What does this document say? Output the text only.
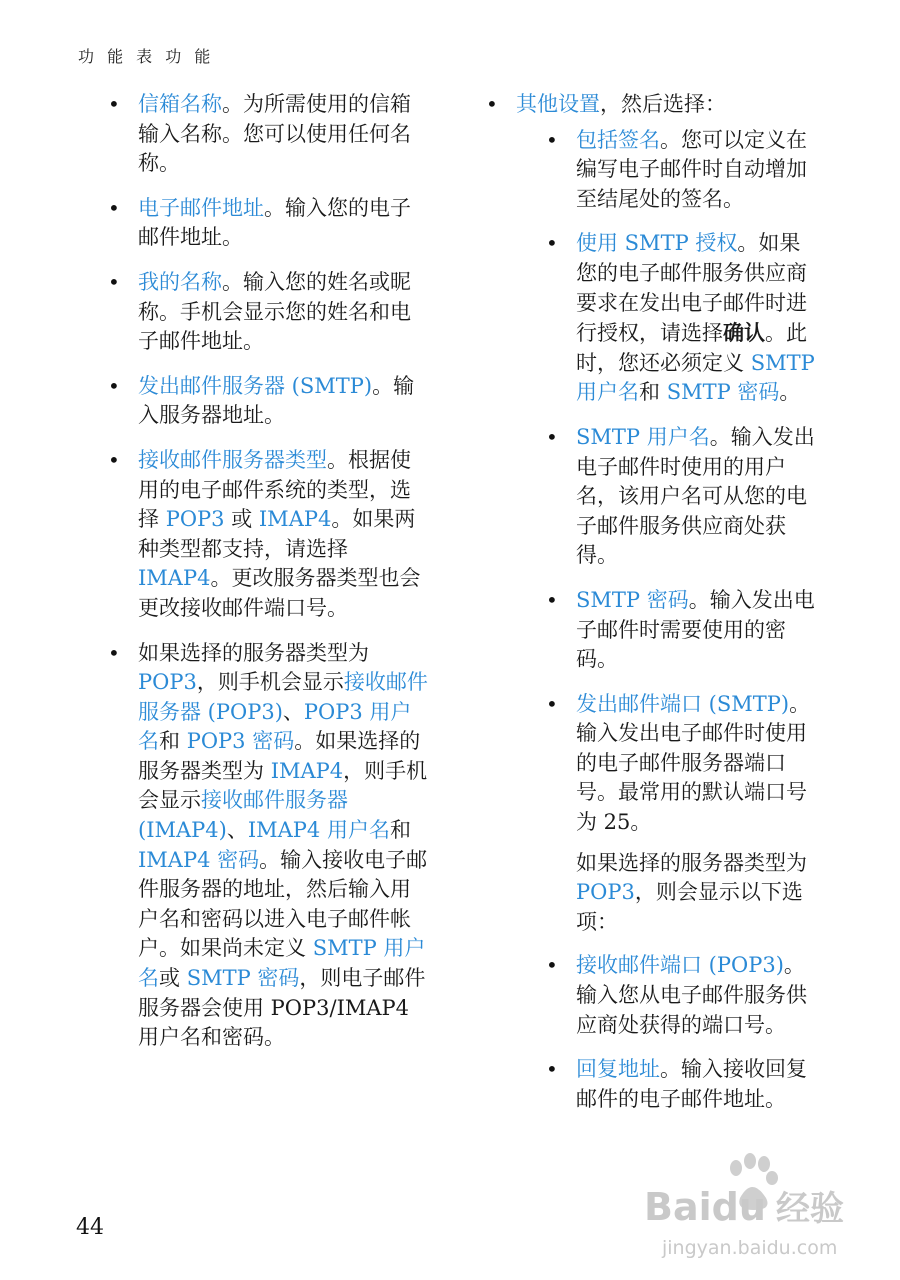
功 能 表 功 能
• 信箱名称。为所需使用的信箱输入名称。您可以使用任何名称。
• 电子邮件地址。输入您的电子邮件地址。
• 我的名称。输入您的姓名或昵称。手机会显示您的姓名和电子邮件地址。
• 发出邮件服务器 (SMTP)。输入服务器地址。
• 接收邮件服务器类型。根据使用的电子邮件系统的类型，选择 POP3 或 IMAP4。如果两种类型都支持，请选择 IMAP4。更改服务器类型也会更改接收邮件端口号。
• 如果选择的服务器类型为 POP3，则手机会显示接收邮件服务器 (POP3)、POP3 用户名和 POP3 密码。如果选择的服务器类型为 IMAP4，则手机会显示接收邮件服务器 (IMAP4)、IMAP4 用户名和 IMAP4 密码。输入接收电子邮件服务器的地址，然后输入用户名和密码以进入电子邮件帐户。如果尚未定义 SMTP 用户名或 SMTP 密码，则电子邮件服务器会使用 POP3/IMAP4 用户名和密码。
• 其他设置，然后选择：
• 包括签名。您可以定义在编写电子邮件时自动增加至结尾处的签名。
• 使用 SMTP 授权。如果您的电子邮件服务供应商要求在发出电子邮件时进行授权，请选择确认。此时，您还必须定义 SMTP 用户名和 SMTP 密码。
• SMTP 用户名。输入发出电子邮件时使用的用户名，该用户名可从您的电子邮件服务供应商处获得。
• SMTP 密码。输入发出电子邮件时需要使用的密码。
• 发出邮件端口 (SMTP)。输入发出电子邮件时使用的电子邮件服务器端口号。最常用的默认端口号为 25。
如果选择的服务器类型为 POP3，则会显示以下选项：
• 接收邮件端口 (POP3)。输入您从电子邮件服务供应商处获得的端口号。
• 回复地址。输入接收回复邮件的电子邮件地址。
44	Baidu 经验
jingyan.baidu.com
